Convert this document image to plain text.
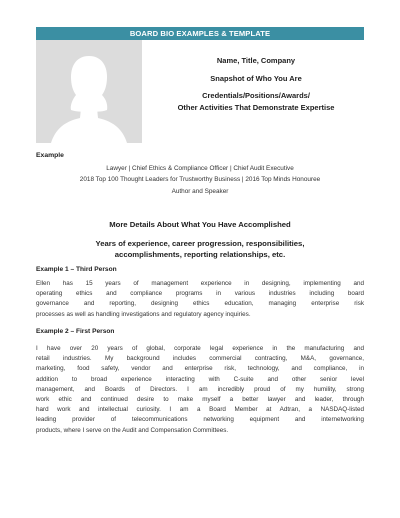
BOARD BIO EXAMPLES & TEMPLATE
Name, Title, Company
Snapshot of Who You Are
Credentials/Positions/Awards/
Other Activities That Demonstrate Expertise
Example
Lawyer | Chief Ethics & Compliance Officer | Chief Audit Executive
2018 Top 100 Thought Leaders for Trustworthy Business | 2016 Top Minds Honouree
Author and Speaker
More Details About What You Have Accomplished
Years of experience, career progression, responsibilities,
accomplishments, reporting relationships, etc.
Example 1 – Third Person
Ellen has 15 years of management experience in designing, implementing and
operating ethics and compliance programs in various industries including board
governance and reporting, designing ethics education, managing enterprise risk
processes as well as handling investigations and regulatory agency inquiries.
Example 2 – First Person
I have over 20 years of global, corporate legal experience in the manufacturing and
retail industries. My background includes commercial contracting, M&A, governance,
marketing, food safety, vendor and enterprise risk, technology, and compliance, in
addition to broad experience interacting with C-suite and other senior level
management, and Boards of Directors. I am incredibly proud of my humility, strong
work ethic and continued desire to make myself a better lawyer and leader, through
hard work and intellectual curiosity. I am a Board Member at Adtran, a NASDAQ-listed
leading provider of telecommunications networking equipment and internetworking
products, where I serve on the Audit and Compensation Committees.
